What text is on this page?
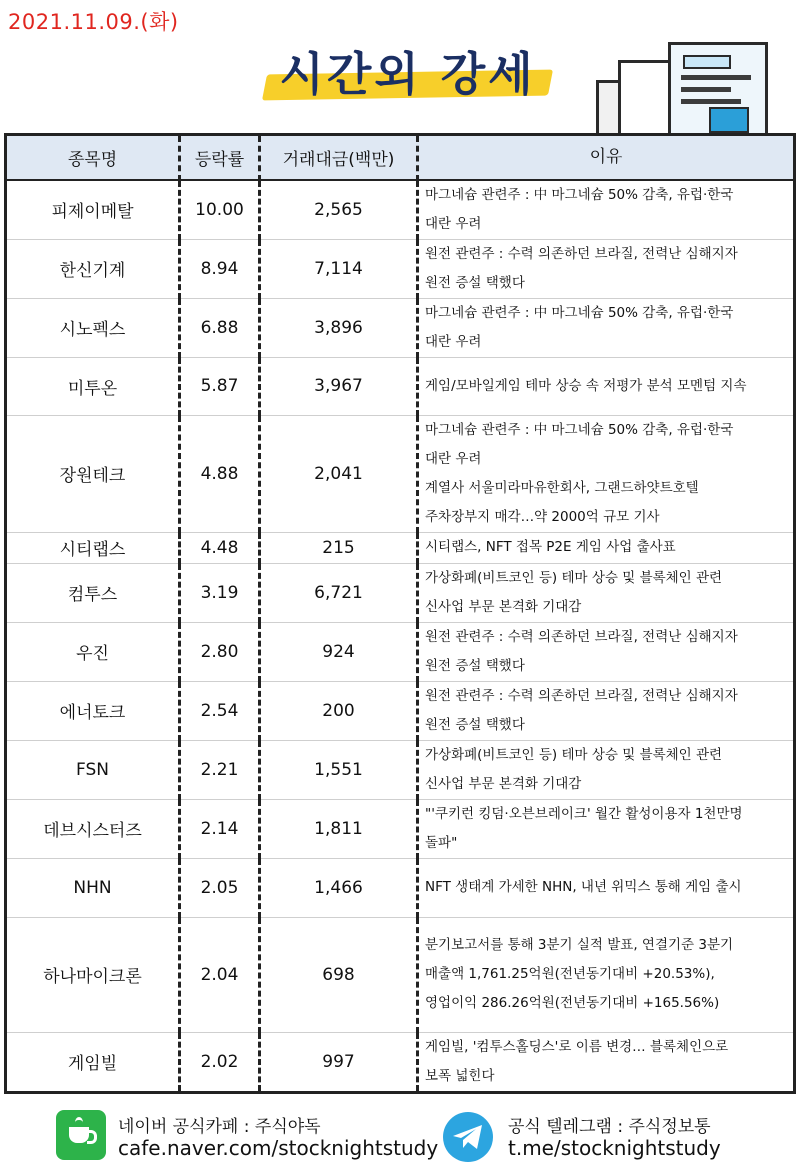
2021.11.09.(화)
시간외 강세
종목명	등락률	거래대금(백만)	이유
피제이메탈	10.00	2,565	마그네슘 관련주 : 中 마그네슘 50% 감축, 유럽·한국
대란 우려

한신기계	8.94	7,114	원전 관련주 : 수력 의존하던 브라질, 전력난 심해지자
원전 증설 택했다

시노펙스	6.88	3,896	마그네슘 관련주 : 中 마그네슘 50% 감축, 유럽·한국
대란 우려

미투온	5.87	3,967	게임/모바일게임 테마 상승 속 저평가 분석 모멘텀 지속

장원테크	4.88	2,041	마그네슘 관련주 : 中 마그네슘 50% 감축, 유럽·한국
대란 우려
계열사 서울미라마유한회사, 그랜드하얏트호텔
주차장부지 매각…약 2000억 규모 기사

시티랩스	4.48	215	시티랩스, NFT 접목 P2E 게임 사업 출사표

컴투스	3.19	6,721	가상화폐(비트코인 등) 테마 상승 및 블록체인 관련
신사업 부문 본격화 기대감

우진	2.80	924	원전 관련주 : 수력 의존하던 브라질, 전력난 심해지자
원전 증설 택했다

에너토크	2.54	200	원전 관련주 : 수력 의존하던 브라질, 전력난 심해지자
원전 증설 택했다

FSN	2.21	1,551	가상화폐(비트코인 등) 테마 상승 및 블록체인 관련
신사업 부문 본격화 기대감

데브시스터즈	2.14	1,811	"'쿠키런 킹덤·오븐브레이크' 월간 활성이용자 1천만명
돌파"

NHN	2.05	1,466	NFT 생태계 가세한 NHN, 내년 위믹스 통해 게임 출시

하나마이크론	2.04	698	분기보고서를 통해 3분기 실적 발표, 연결기준 3분기
매출액 1,761.25억원(전년동기대비 +20.53%),
영업이익 286.26억원(전년동기대비 +165.56%)

게임빌	2.02	997	게임빌, '컴투스홀딩스'로 이름 변경… 블록체인으로
보폭 넓힌다
네이버 공식카페 : 주식야독
cafe.naver.com/stocknightstudy
공식 텔레그램 : 주식정보통
t.me/stocknightstudy
